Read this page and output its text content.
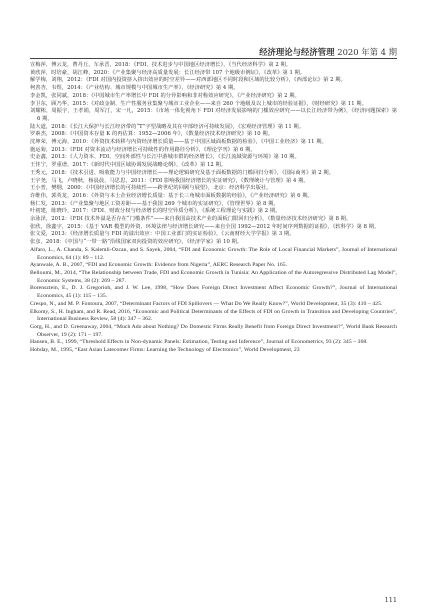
经济理论与经济管理 2020 年第 4 期

宣梅萍，傅云龙，曹丹丘，车承晋，2018：《FDI、技术进步与中国地区经济增长》，《当代经济科学》第 2 期。

黄欣萍，时培豪，胡江峰，2020：《产业集聚与经济高质量发展：长江经济带 107 个地级市例证》，《改革》第 1 期。

解学梅，刘翔，2012：《FDI 对国内投资挤入挤出效应的时空差异——对西部地区不同时段和区域的比较分析》，《西部论坛》第 2 期。

柯善杏，韦煜，2014：《产业结构、城市规模与中国城市生产率》，《经济研究》第 4 期。

李金凯，张同斌，2018：《中国城市生产率增长中 FDI 的分异影响和非对称效应研究》，《产业经济研究》第 2 期。

李卫东，顾乃华，2015：《对政金制、生产性服务业集聚与城市工业企业——来自 260 个地级及以上城市的经验证据》，《财经研究》第 11 期。

刘耀彬，周振宇，王孝娟，周军汀，宋一凡，2015：《市场一体化视角下 FDI 对经济发展影响的门槛效应研究——以长江经济带为例》，《经济问题探索》第 6 期。

陆大道，2018：《长江大保护与长江经济带的“T”字型战略及其在中部经济可持续发展》，《宏观经济管理》第 11 期。

罗素杰，2008：《中国资本存量 K 的再估算：1952—2006 年》，《数量经济技术经济研究》第 10 期。

沈坤荣，傅元海，2010：《外资技术转移与内资经济增长质量——基于中国区域面板数据的检验》，《中国工业经济》第 11 期。

施运菊，2013：《FDI 对资本流动与经济增长可持续性的作用路径分析》，《理论学刊》第 6 期。

史金鑫，2013：《人力资本、FDI、空间外部性与长江中游城市群的经济增长》，《长江流域资源与环境》第 10 期。

王佳宁，罗重谱，2017：《新时代中国区域协调发展战略论纲》，《改革》第 12 期。

王秀元，2018：《技术引进、吸收能力与中国经济增长——理论逻辑研究及基于面板数据的门槛回归分析》，《国际商务》第 2 期。

王宇尧，马飞，卢晓秋，杨晨晨，马思思，2011：《FDI 影响我国经济增长的实证研究》，《数理统计与管理》第 4 期。

王小普，樊纲，2000：《中国经济增长的可持续性——跨世纪的回顾与展望》，北京：经济科学出版社。

许维伟，郭英龙，2016：《外资与本土企业经济增长质量：基于长三角城市面板数据的经验》，《产业经济研究》第 6 期。

杨仁发，2013：《产业集聚与地区工资差距——基于我国 269 个城市的实证研究》，《管理世界》第 8 期。

叶初建，陈晓玲，2017：《FDI、财政分权与经济增长的时空异质分析》，《系统工程理论与实践》第 2 期。

余泳泽，2012：《FDI 技术外溢是否存在“门槛条件”——来自我国高技术产业的面板门限回归分析》，《数量经济技术经济研究》第 8 期。

张欣，徐鑫宇，2015：《基于 VAR 模型的外资、环境法律与经济增长研究——来自全国 1992—2012 年时间序列数据的证据》，《软科学》第 8 期。

张文爱，2013：《经济增长质量与 FDI 的溢出效应：中国工业部门的实证检验》，《云南财经大学学报》第 3 期。

张彦，2018：《中国与“一带一路”沿线国家双向投资的效应研究》，《经济学家》第 10 期。

Alfaro, L., A. Chanda, S. Kalemli-Ozcan, and S. Sayek, 2004, “FDI and Economic Growth: The Role of Local Financial Markets”, Journal of International Economics, 64 (1): 89 – 112.

Ayanwale, A. B., 2007, “FDI and Economic Growth: Evidence from Nigeria”, AERC Research Paper No. 165.

Belloumi, M., 2014, “The Relationship between Trade, FDI and Economic Growth in Tunisia: An Application of the Autoregressive Distributed Lag Model”, Economic Systems, 38 (2): 269 – 287.

Borensztein, E., D. J. Gregorioh, and J. W. Lee, 1998, “How Does Foreign Direct Investment Affect Economic Growth?”, Journal of International Economics, 45 (1): 115 – 135.

Crespo, N., and M. P. Fontoura, 2007, “Determinant Factors of FDI Spillovers — What Do We Really Know?”, World Development, 35 (3): 410 – 425.

Elkomy, S., H. Ingham, and R. Read, 2016, “Economic and Political Determinants of the Effects of FDI on Growth in Transition and Developing Countries”, International Business Review, 58 (4): 347 – 362.

Gorg, H., and D. Greenaway, 2004, “Much Ado about Nothing? Do Domestic Firms Really Benefit from Foreign Direct Investment?”, World Bank Research Observer, 19 (2): 171 – 197.

Hansen, B. E., 1999, “Threshold Effects in Non-dynamic Panels: Estimation, Testing and Inference”, Journal of Econometrics, 93 (2): 345 – 368.

Hobday, M., 1995, “East Asian Latecomer Firms: Learning the Technology of Electronics”, World Development, 23

111
